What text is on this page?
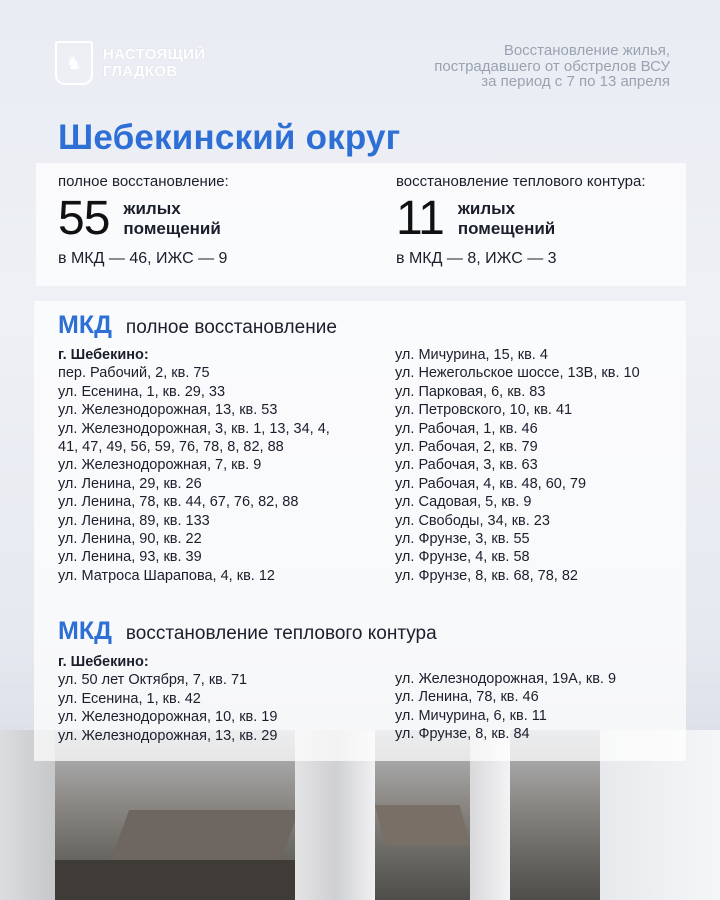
♞ НАСТОЯЩИЙ
ГЛАДКОВ
Восстановление жилья,
пострадавшего от обстрелов ВСУ
за период с 7 по 13 апреля
Шебекинский округ
полное восстановление:
55 жилых
помещений
в МКД — 46, ИЖС — 9
восстановление теплового контура:
11 жилых
помещений
в МКД — 8, ИЖС — 3
МКД полное восстановление
г. Шебекино:
пер. Рабочий, 2, кв. 75
ул. Есенина, 1, кв. 29, 33
ул. Железнодорожная, 13, кв. 53
ул. Железнодорожная, 3, кв. 1, 13, 34, 4,
41, 47, 49, 56, 59, 76, 78, 8, 82, 88
ул. Железнодорожная, 7, кв. 9
ул. Ленина, 29, кв. 26
ул. Ленина, 78, кв. 44, 67, 76, 82, 88
ул. Ленина, 89, кв. 133
ул. Ленина, 90, кв. 22
ул. Ленина, 93, кв. 39
ул. Матроса Шарапова, 4, кв. 12
ул. Мичурина, 15, кв. 4
ул. Нежегольское шоссе, 13В, кв. 10
ул. Парковая, 6, кв. 83
ул. Петровского, 10, кв. 41
ул. Рабочая, 1, кв. 46
ул. Рабочая, 2, кв. 79
ул. Рабочая, 3, кв. 63
ул. Рабочая, 4, кв. 48, 60, 79
ул. Садовая, 5, кв. 9
ул. Свободы, 34, кв. 23
ул. Фрунзе, 3, кв. 55
ул. Фрунзе, 4, кв. 58
ул. Фрунзе, 8, кв. 68, 78, 82
МКД восстановление теплового контура
г. Шебекино:
ул. 50 лет Октября, 7, кв. 71
ул. Есенина, 1, кв. 42
ул. Железнодорожная, 10, кв. 19
ул. Железнодорожная, 13, кв. 29
ул. Железнодорожная, 19А, кв. 9
ул. Ленина, 78, кв. 46
ул. Мичурина, 6, кв. 11
ул. Фрунзе, 8, кв. 84
